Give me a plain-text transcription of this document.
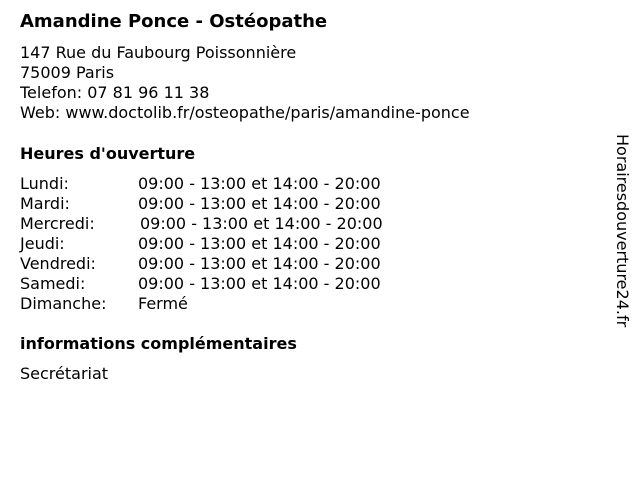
Amandine Ponce - Ostéopathe
147 Rue du Faubourg Poissonnière
75009 Paris
Telefon: 07 81 96 11 38
Web: www.doctolib.fr/osteopathe/paris/amandine-ponce
Heures d'ouverture
Lundi:	09:00 - 13:00 et 14:00 - 20:00
Mardi:	09:00 - 13:00 et 14:00 - 20:00
Mercredi:	09:00 - 13:00 et 14:00 - 20:00
Jeudi:	09:00 - 13:00 et 14:00 - 20:00
Vendredi:	09:00 - 13:00 et 14:00 - 20:00
Samedi:	09:00 - 13:00 et 14:00 - 20:00
Dimanche: Fermé
informations complémentaires
Secrétariat
Horairesdouverture24.fr
